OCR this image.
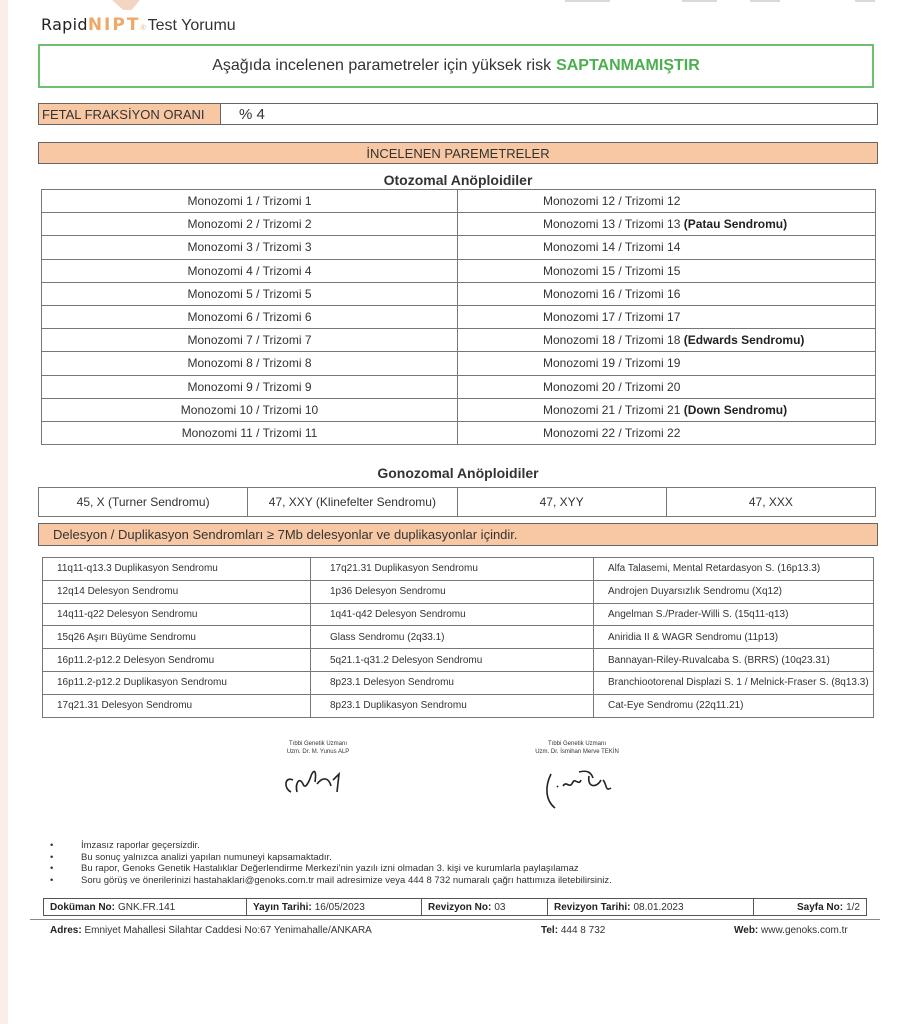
Rapid NIPT ® Test Yorumu
Aşağıda incelenen parametreler için yüksek risk SAPTANMAMIŞTIR
FETAL FRAKSİYON ORANI	% 4
İNCELENEN PAREMETRELER
Otozomal Anöploidiler
Monozomi 1 / Trizomi 1	Monozomi 12 / Trizomi 12
Monozomi 2 / Trizomi 2	Monozomi 13 / Trizomi 13 (Patau Sendromu)
Monozomi 3 / Trizomi 3	Monozomi 14 / Trizomi 14
Monozomi 4 / Trizomi 4	Monozomi 15 / Trizomi 15
Monozomi 5 / Trizomi 5	Monozomi 16 / Trizomi 16
Monozomi 6 / Trizomi 6	Monozomi 17 / Trizomi 17
Monozomi 7 / Trizomi 7	Monozomi 18 / Trizomi 18 (Edwards Sendromu)
Monozomi 8 / Trizomi 8	Monozomi 19 / Trizomi 19
Monozomi 9 / Trizomi 9	Monozomi 20 / Trizomi 20
Monozomi 10 / Trizomi 10	Monozomi 21 / Trizomi 21 (Down Sendromu)
Monozomi 11 / Trizomi 11	Monozomi 22 / Trizomi 22
Gonozomal Anöploidiler
45, X (Turner Sendromu)	47, XXY (Klinefelter Sendromu)	47, XYY	47, XXX
Delesyon / Duplikasyon Sendromları ≥ 7Mb delesyonlar ve duplikasyonlar içindir.
11q11-q13.3 Duplikasyon Sendromu	17q21.31 Duplikasyon Sendromu	Alfa Talasemi, Mental Retardasyon S. (16p13.3)
12q14 Delesyon Sendromu	1p36 Delesyon Sendromu	Androjen Duyarsızlık Sendromu (Xq12)
14q11-q22 Delesyon Sendromu	1q41-q42 Delesyon Sendromu	Angelman S./Prader-Willi S. (15q11-q13)
15q26 Aşırı Büyüme Sendromu	Glass Sendromu (2q33.1)	Aniridia II & WAGR Sendromu (11p13)
16p11.2-p12.2 Delesyon Sendromu	5q21.1-q31.2 Delesyon Sendromu	Bannayan-Riley-Ruvalcaba S. (BRRS) (10q23.31)
16p11.2-p12.2 Duplikasyon Sendromu	8p23.1 Delesyon Sendromu	Branchiootorenal Displazi S. 1 / Melnick-Fraser S. (8q13.3)
17q21.31 Delesyon Sendromu	8p23.1 Duplikasyon Sendromu	Cat-Eye Sendromu (22q11.21)
Tıbbi Genetik Uzmanı
Uzm. Dr. M. Yunus ALP
Tıbbi Genetik Uzmanı
Uzm. Dr. İsmihan Merve TEKİN
•	İmzasız raporlar geçersizdir.
•	Bu sonuç yalnızca analizi yapılan numuneyi kapsamaktadır.
•	Bu rapor, Genoks Genetik Hastalıklar Değerlendirme Merkezi'nin yazılı izni olmadan 3. kişi ve kurumlarla paylaşılamaz
•	Soru görüş ve önerilerinizi hastahaklari@genoks.com.tr mail adresimize veya 444 8 732 numaralı çağrı hattımıza iletebilirsiniz.
Doküman No: GNK.FR.141	Yayın Tarihi: 16/05/2023	Revizyon No: 03	Revizyon Tarihi: 08.01.2023	Sayfa No: 1/2
Adres: Emniyet Mahallesi Silahtar Caddesi No:67 Yenimahalle/ANKARA	Tel: 444 8 732	Web: www.genoks.com.tr
